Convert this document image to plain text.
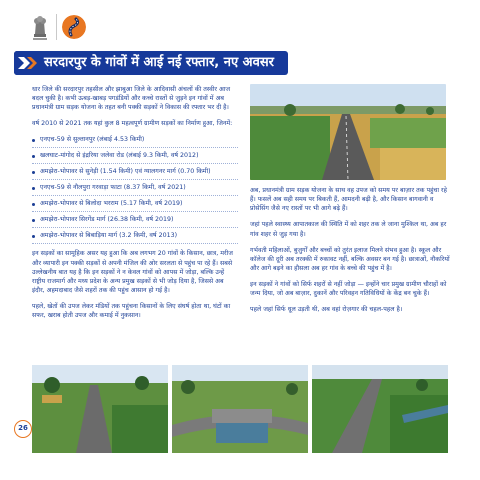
सरदारपुर के गांवों में आई नई रफ्तार, नए अवसर

धार जिले की सरदारपुर तहसील और झाबुआ जिले के आदिवासी अंचलों की तस्वीर आज बदल चुकी है। कभी ऊबड़-खाबड़ पगडंडियों और कच्चे रास्तों से जुड़ने इन गांवों में अब प्रधानमंत्री ग्राम सड़क योजना के तहत बनी पक्की सड़कों ने विकास की रफ्तार भर दी है।

वर्ष 2010 से 2021 तक यहां कुल 8 महत्वपूर्ण ग्रामीण सड़कों का निर्माण हुआ, जिनमें:

एनएच-59 से सुल्तानपुर (लंबाई 4.53 किमी)
खलघाट-मांगोद से इंद्ररिया जलेवा रोड (लंबाई 9.3 किमी, वर्ष 2012)
अमझेरा-भोपावर से सुनेड़ी (1.54 किमी) एवं ग्यालगनर मार्ग (0.70 किमी)
एनएच-59 से नौलपुरा गरवाड़ा फाटा (8.37 किमी, वर्ष 2021)
अमझेरा-भोपावर से बिलाेदा भरराम (5.17 किमी, वर्ष 2019)
अमझेरा-भोपावर सिरगेंड मार्ग (26.38 किमी, वर्ष 2019)
अमझेरा-भोपावर से बिबाड़िया मार्ग (3.2 किमी, वर्ष 2013)

इन सड़कों का सामूहिक असर यह हुआ कि अब लगभग 20 गांवों के किसान, छात्र, मरीज और व्यापारी इन पक्की सड़कों से अपनी मंजिल की ओर सरलता से पहुंच पा रहे हैं। सबसे उल्लेखनीय बात यह है कि इन सड़कों ने न केवल गांवों को आपस में जोड़ा, बल्कि उन्हें राष्ट्रीय राजमार्ग और मध्य प्रदेश के अन्य प्रमुख सड़कों से भी जोड़ दिया है, जिससे अब इंदौर, अहमदाबाद जैसे शहरों तक की पहुंच आसान हो गई है।

पहले, खेतों की उपज लेकर मंडियों तक पहुंचना किसानों के लिए संघर्ष होता था, घंटों का सफर, खराब होती उपज और कमाई में नुकसान।

अब, प्रधानमंत्री ग्राम सड़क योजना के साथ वह उपज को समय पर बाज़ार तक पहुंचा रहे हैं। फसलें अब सही समय पर बिकती हैं, आमदनी बढ़ी है, और किसान बागवानी व प्रोसेसिंग जैसे नए रास्तों पर भी आगे बढ़े हैं।

जहां पहले स्वास्थ्य आपातकाल की स्थिति में को शहर तक ले जाना मुश्किल था, अब हर गांव शहर से जुड़ गया है।

गर्भवती महिलाओं, बुजुर्गों और बच्चों को तुरंत इलाज मिलने संभव हुआ है। स्कूल और कॉलेज की दूरी अब तरक्की में रुकावट नहीं, बल्कि अवसर बन गई है। छात्राओं, नौकरियों और आगे बढ़ने का हौसला अब हर गांव के बच्चे की पहुंच में है।

इन सड़कों ने गांवों को सिर्फ शहरों से नहीं जोड़ा — इन्होंने चार प्रमुख ग्रामीण चौराहों को जन्म दिया, जो अब बाज़ार, दुकानें और परिवहन गतिविधियों के केंद्र बन चुके हैं।

पहले जहां सिर्फ धूल उड़ती थी, अब वहां रोज़गार की चहल-पहल है।

26
